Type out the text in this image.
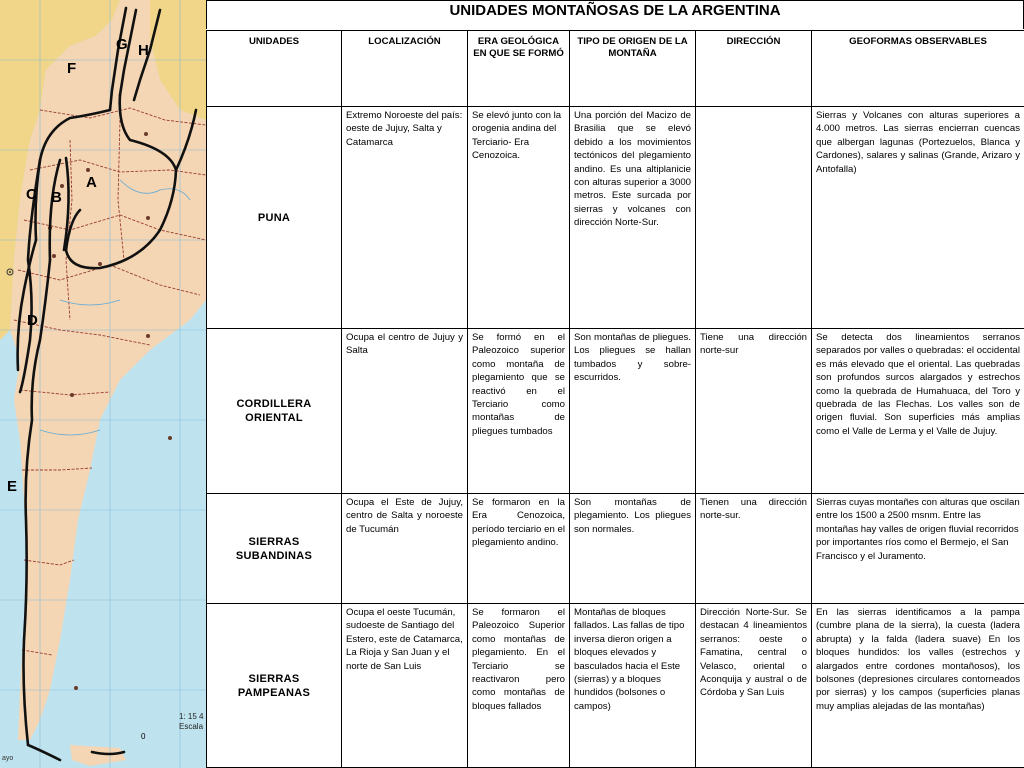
A
B
C
D
E
F
G H
1: 15 4
Escala
0
ayo
UNIDADES MONTAÑOSAS DE LA ARGENTINA
UNIDADES	LOCALIZACIÓN	ERA GEOLÓGICA EN QUE SE FORMÓ	TIPO DE ORIGEN DE LA MONTAÑA	DIRECCIÓN	GEOFORMAS OBSERVABLES
PUNA	Extremo Noroeste del país: oeste de Jujuy, Salta y Catamarca	Se elevó junto con la orogenia andina del Terciario- Era Cenozoica.	Una porción del Macizo de Brasilia que se elevó debido a los movimientos tectónicos del plegamiento andino. Es una altiplanicie con alturas superior a 3000 metros. Este surcada por sierras y volcanes con dirección Norte-Sur.		Sierras y Volcanes con alturas superiores a 4.000 metros. Las sierras encierran cuencas que albergan lagunas (Portezuelos, Blanca y Cardones), salares y salinas (Grande, Arizaro y Antofalla)
CORDILLERA ORIENTAL	Ocupa el centro de Jujuy y Salta	Se formó en el Paleozoico superior como montaña de plegamiento que se reactivó en el Terciario como montañas de pliegues tumbados	Son montañas de pliegues. Los pliegues se hallan tumbados y sobre-escurridos.	Tiene una dirección norte-sur	Se detecta dos lineamientos serranos separados por valles o quebradas: el occidental es más elevado que el oriental. Las quebradas son profundos surcos alargados y estrechos como la quebrada de Humahuaca, del Toro y quebrada de las Flechas. Los valles son de origen fluvial. Son superficies más amplias como el Valle de Lerma y el Valle de Jujuy.
SIERRAS SUBANDINAS	Ocupa el Este de Jujuy, centro de Salta y noroeste de Tucumán	Se formaron en la Era Cenozoica, período terciario en el plegamiento andino.	Son montañas de plegamiento. Los pliegues son normales.	Tienen una dirección norte-sur.	Sierras cuyas montañes con alturas que oscilan entre los 1500 a 2500 msnm. Entre las montañas hay valles de origen fluvial recorridos por importantes ríos como el Bermejo, el San Francisco y el Juramento.
SIERRAS PAMPEANAS	Ocupa el oeste Tucumán, sudoeste de Santiago del Estero, este de Catamarca, La Rioja y San Juan y el norte de San Luis	Se formaron el Paleozoico Superior como montañas de plegamiento. En el Terciario se reactivaron pero como montañas de bloques fallados	Montañas de bloques fallados. Las fallas de tipo inversa dieron origen a bloques elevados y basculados hacia el Este (sierras) y a bloques hundidos (bolsones o campos)	Dirección Norte-Sur. Se destacan 4 lineamientos serranos: oeste o Famatina, central o Velasco, oriental o Aconquija y austral o de Córdoba y San Luis	En las sierras identificamos a la pampa (cumbre plana de la sierra), la cuesta (ladera abrupta) y la falda (ladera suave) En los bloques hundidos: los valles (estrechos y alargados entre cordones montañosos), los bolsones (depresiones circulares contorneados por sierras) y los campos (superficies planas muy amplias alejadas de las montañas)
